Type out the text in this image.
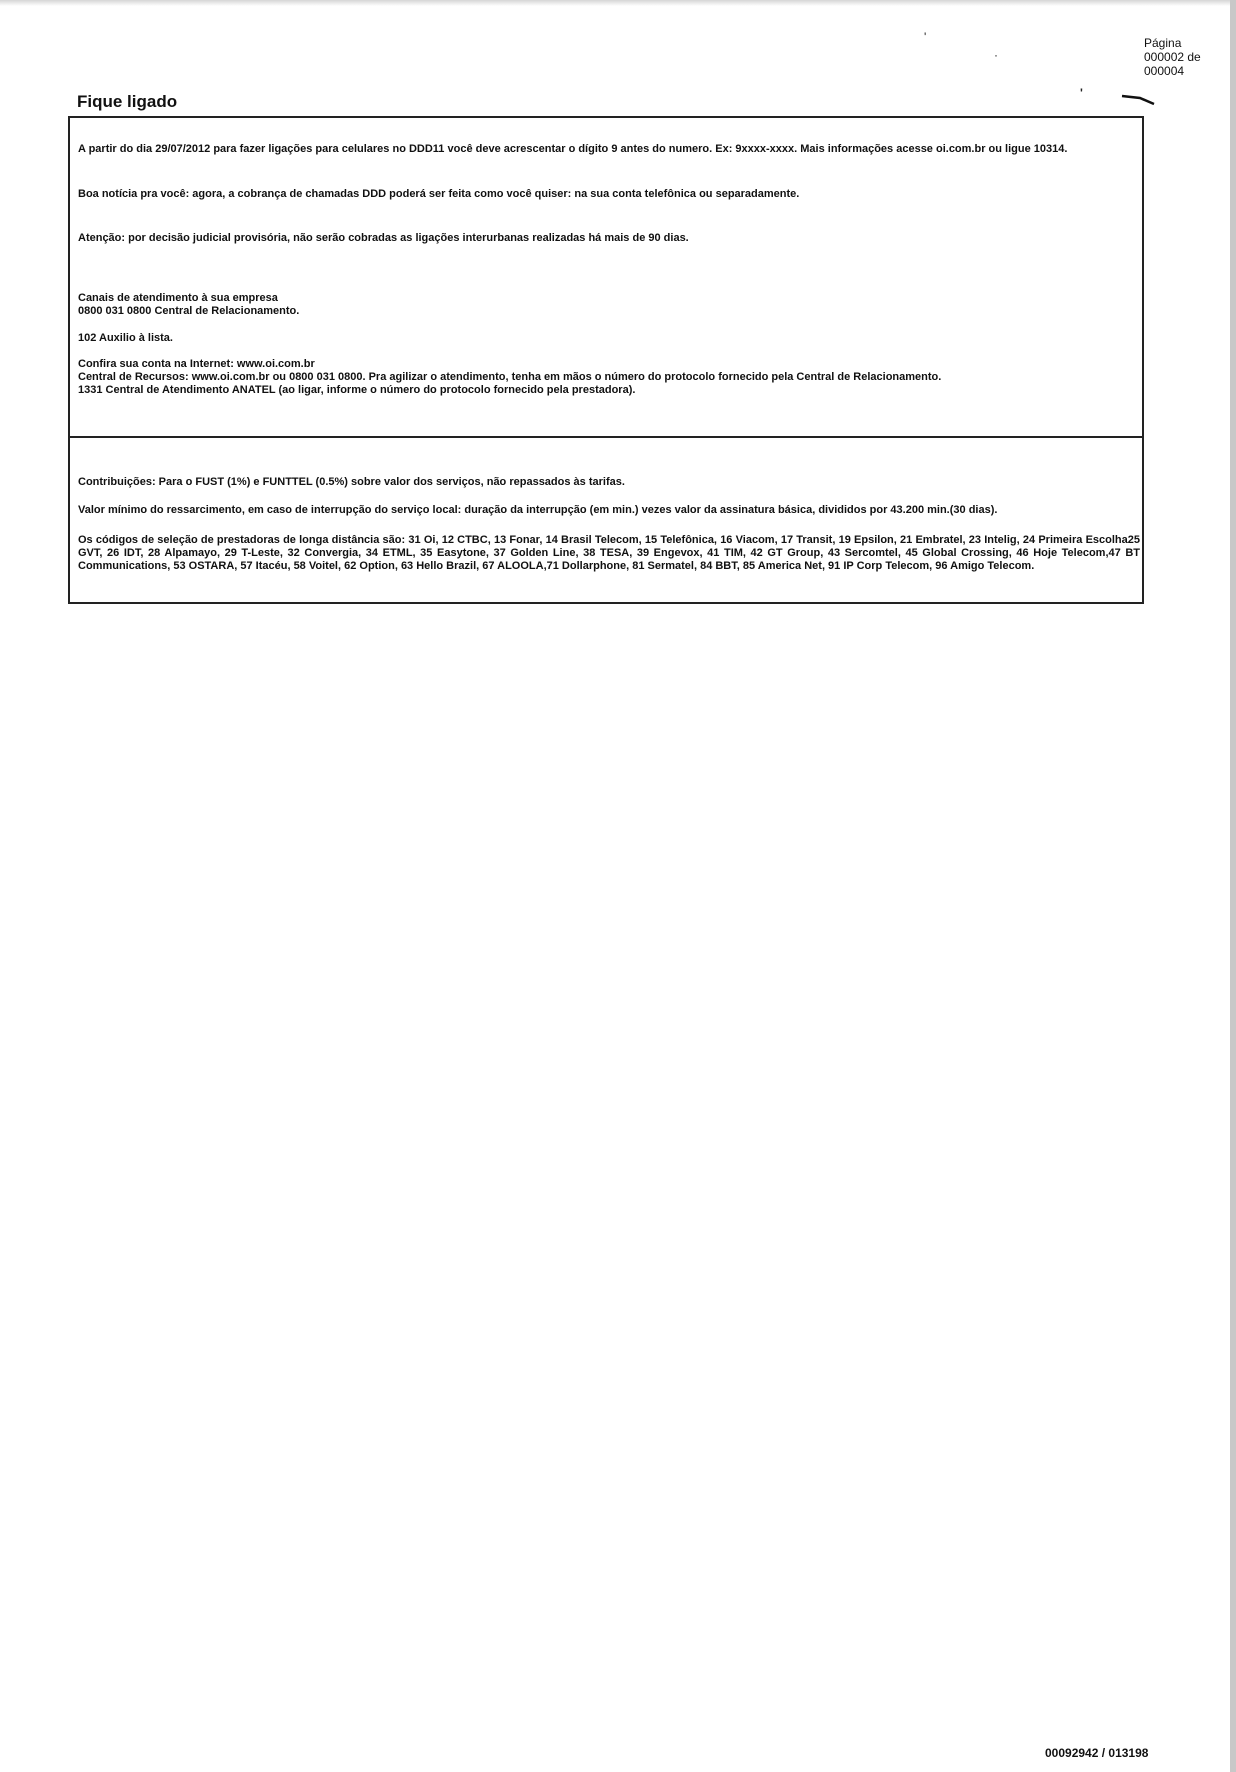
Página
000002 de
000004
'
·
'
Fique ligado
A partir do dia 29/07/2012 para fazer ligações para celulares no DDD11 você deve acrescentar o dígito 9 antes do numero. Ex: 9xxxx-xxxx. Mais informações acesse oi.com.br ou ligue 10314.
Boa notícia pra você: agora, a cobrança de chamadas DDD poderá ser feita como você quiser: na sua conta telefônica ou separadamente.
Atenção: por decisão judicial provisória, não serão cobradas as ligações interurbanas realizadas há mais de 90 dias.
Canais de atendimento à sua empresa
0800 031 0800 Central de Relacionamento.
102 Auxilio à lista.
Confira sua conta na Internet: www.oi.com.br
Central de Recursos: www.oi.com.br ou 0800 031 0800. Pra agilizar o atendimento, tenha em mãos o número do protocolo fornecido pela Central de Relacionamento.
1331 Central de Atendimento ANATEL (ao ligar, informe o número do protocolo fornecido pela prestadora).
Contribuições: Para o FUST (1%) e FUNTTEL (0.5%) sobre valor dos serviços, não repassados às tarifas.
Valor mínimo do ressarcimento, em caso de interrupção do serviço local: duração da interrupção (em min.) vezes valor da assinatura básica, divididos por 43.200 min.(30 dias).
Os códigos de seleção de prestadoras de longa distância são: 31 Oi, 12 CTBC, 13 Fonar, 14 Brasil Telecom, 15 Telefônica, 16 Viacom, 17 Transit, 19 Epsilon, 21 Embratel, 23 Intelig, 24 Primeira Escolha25 GVT, 26 IDT, 28 Alpamayo, 29 T-Leste, 32 Convergia, 34 ETML, 35 Easytone, 37 Golden Line, 38 TESA, 39 Engevox, 41 TIM, 42 GT Group, 43 Sercomtel, 45 Global Crossing, 46 Hoje Telecom,47 BT Communications, 53 OSTARA, 57 Itacéu, 58 Voitel, 62 Option, 63 Hello Brazil, 67 ALOOLA,71 Dollarphone, 81 Sermatel, 84 BBT, 85 America Net, 91 IP Corp Telecom, 96 Amigo Telecom.
00092942 / 013198
